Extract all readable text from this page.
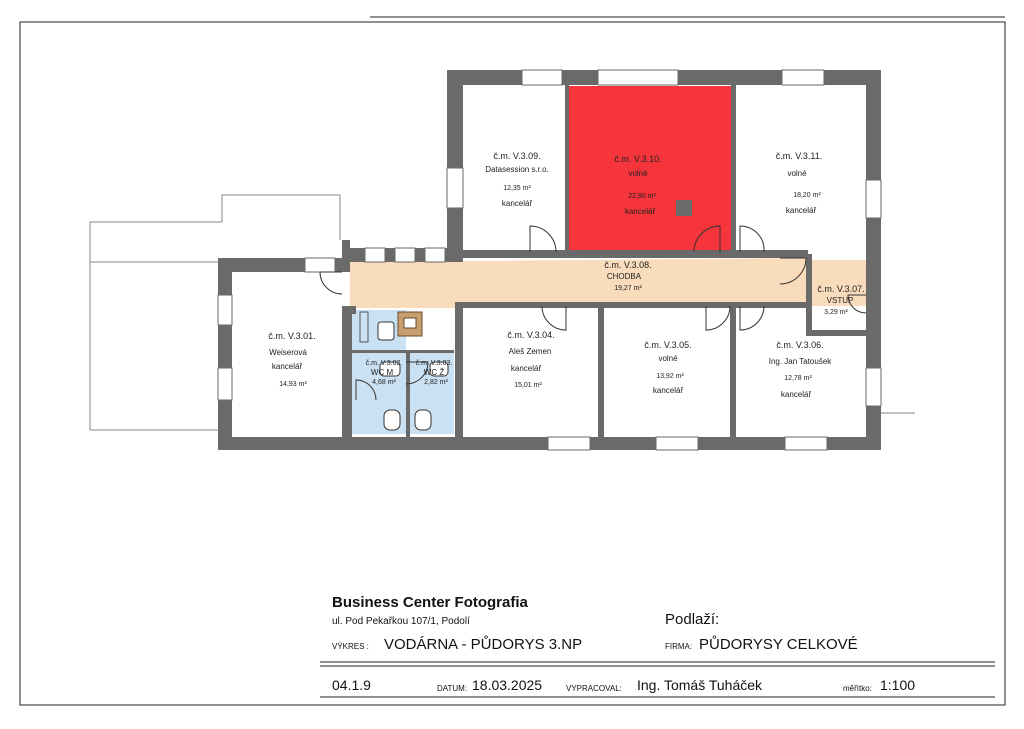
č.m. V.3.09.
Datasession s.r.o.
12,35 m²
kancelář
č.m. V.3.10.
volné
22,90 m²
kancelář
č.m. V.3.11.
volné
18,20 m²
kancelář
č.m. V.3.08.
CHODBA
19,27 m²	č.m. V.3.07.
VSTUP
3,29 m²
č.m. V.3.01.
Weiserová
kancelář
14,93 m²
č.m. V.3.02.
WC M
4,68 m²
č.m. V.3.03.
WC Ž
2,82 m²
č.m. V.3.04.
Aleš Zemen
kancelář
15,01 m²
č.m. V.3.05.
volné
13,92 m²
kancelář
č.m. V.3.06.
Ing. Jan Tatoušek
12,78 m²
kancelář
Business Center Fotografia
ul. Pod Pekařkou 107/1, Podolí
VÝKRES : VODÁRNA - PŮDORYS 3.NP
Podlaží:
FIRMA: PŮDORYSY CELKOVÉ
04.1.9	DATUM: 18.03.2025	VYPRACOVAL: Ing. Tomáš Tuháček	měřítko: 1:100
